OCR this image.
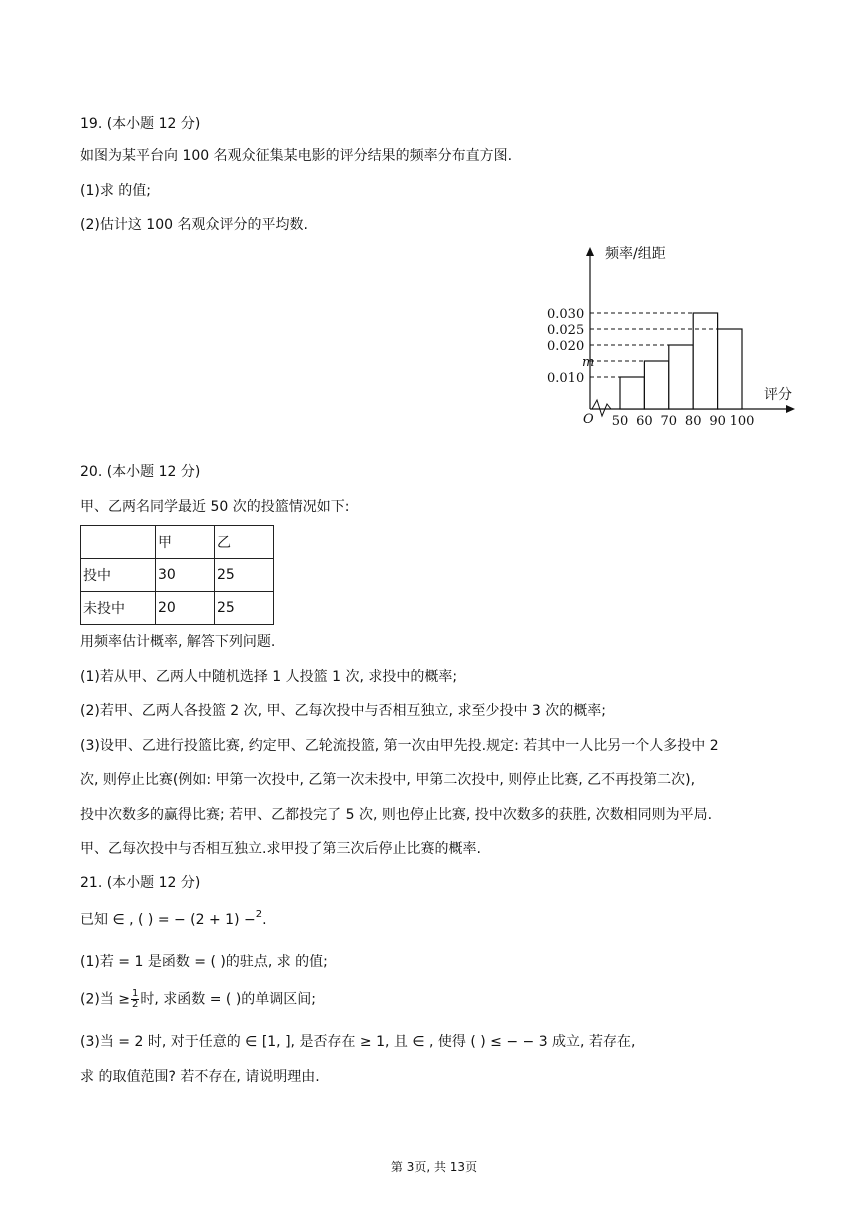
19. (本小题 12 分)
如图为某平台向 100 名观众征集某电影的评分结果的频率分布直方图.
(1)求 的值;
(2)估计这 100 名观众评分的平均数.
频率/组距
评分
O
0.030
0.025
0.020
m
0.010
50 60 70 80 90 100
20. (本小题 12 分)
甲、乙两名同学最近 50 次的投篮情况如下:
	甲	乙
投中	30	25
未投中	20	25
用频率估计概率, 解答下列问题.
(1)若从甲、乙两人中随机选择 1 人投篮 1 次, 求投中的概率;
(2)若甲、乙两人各投篮 2 次, 甲、乙每次投中与否相互独立, 求至少投中 3 次的概率;
(3)设甲、乙进行投篮比赛, 约定甲、乙轮流投篮, 第一次由甲先投.规定: 若其中一人比另一个人多投中 2
次, 则停止比赛(例如: 甲第一次投中, 乙第一次未投中, 甲第二次投中, 则停止比赛, 乙不再投第二次),
投中次数多的赢得比赛; 若甲、乙都投完了 5 次, 则也停止比赛, 投中次数多的获胜, 次数相同则为平局.
甲、乙每次投中与否相互独立.求甲投了第三次后停止比赛的概率.
21. (本小题 12 分)
已知 ∈ , ( ) = − (2 + 1) −$^2$.
(1)若 = 1 是函数 = ( )的驻点, 求 的值;
(2)当 ≥ $\frac{1}{2}$ 时, 求函数 = ( )的单调区间;
(3)当 = 2 时, 对于任意的 ∈ [1, ], 是否存在 ≥ 1, 且 ∈ , 使得 ( ) ≤ − − 3 成立, 若存在,
求 的取值范围? 若不存在, 请说明理由.
第 3页, 共 13页
